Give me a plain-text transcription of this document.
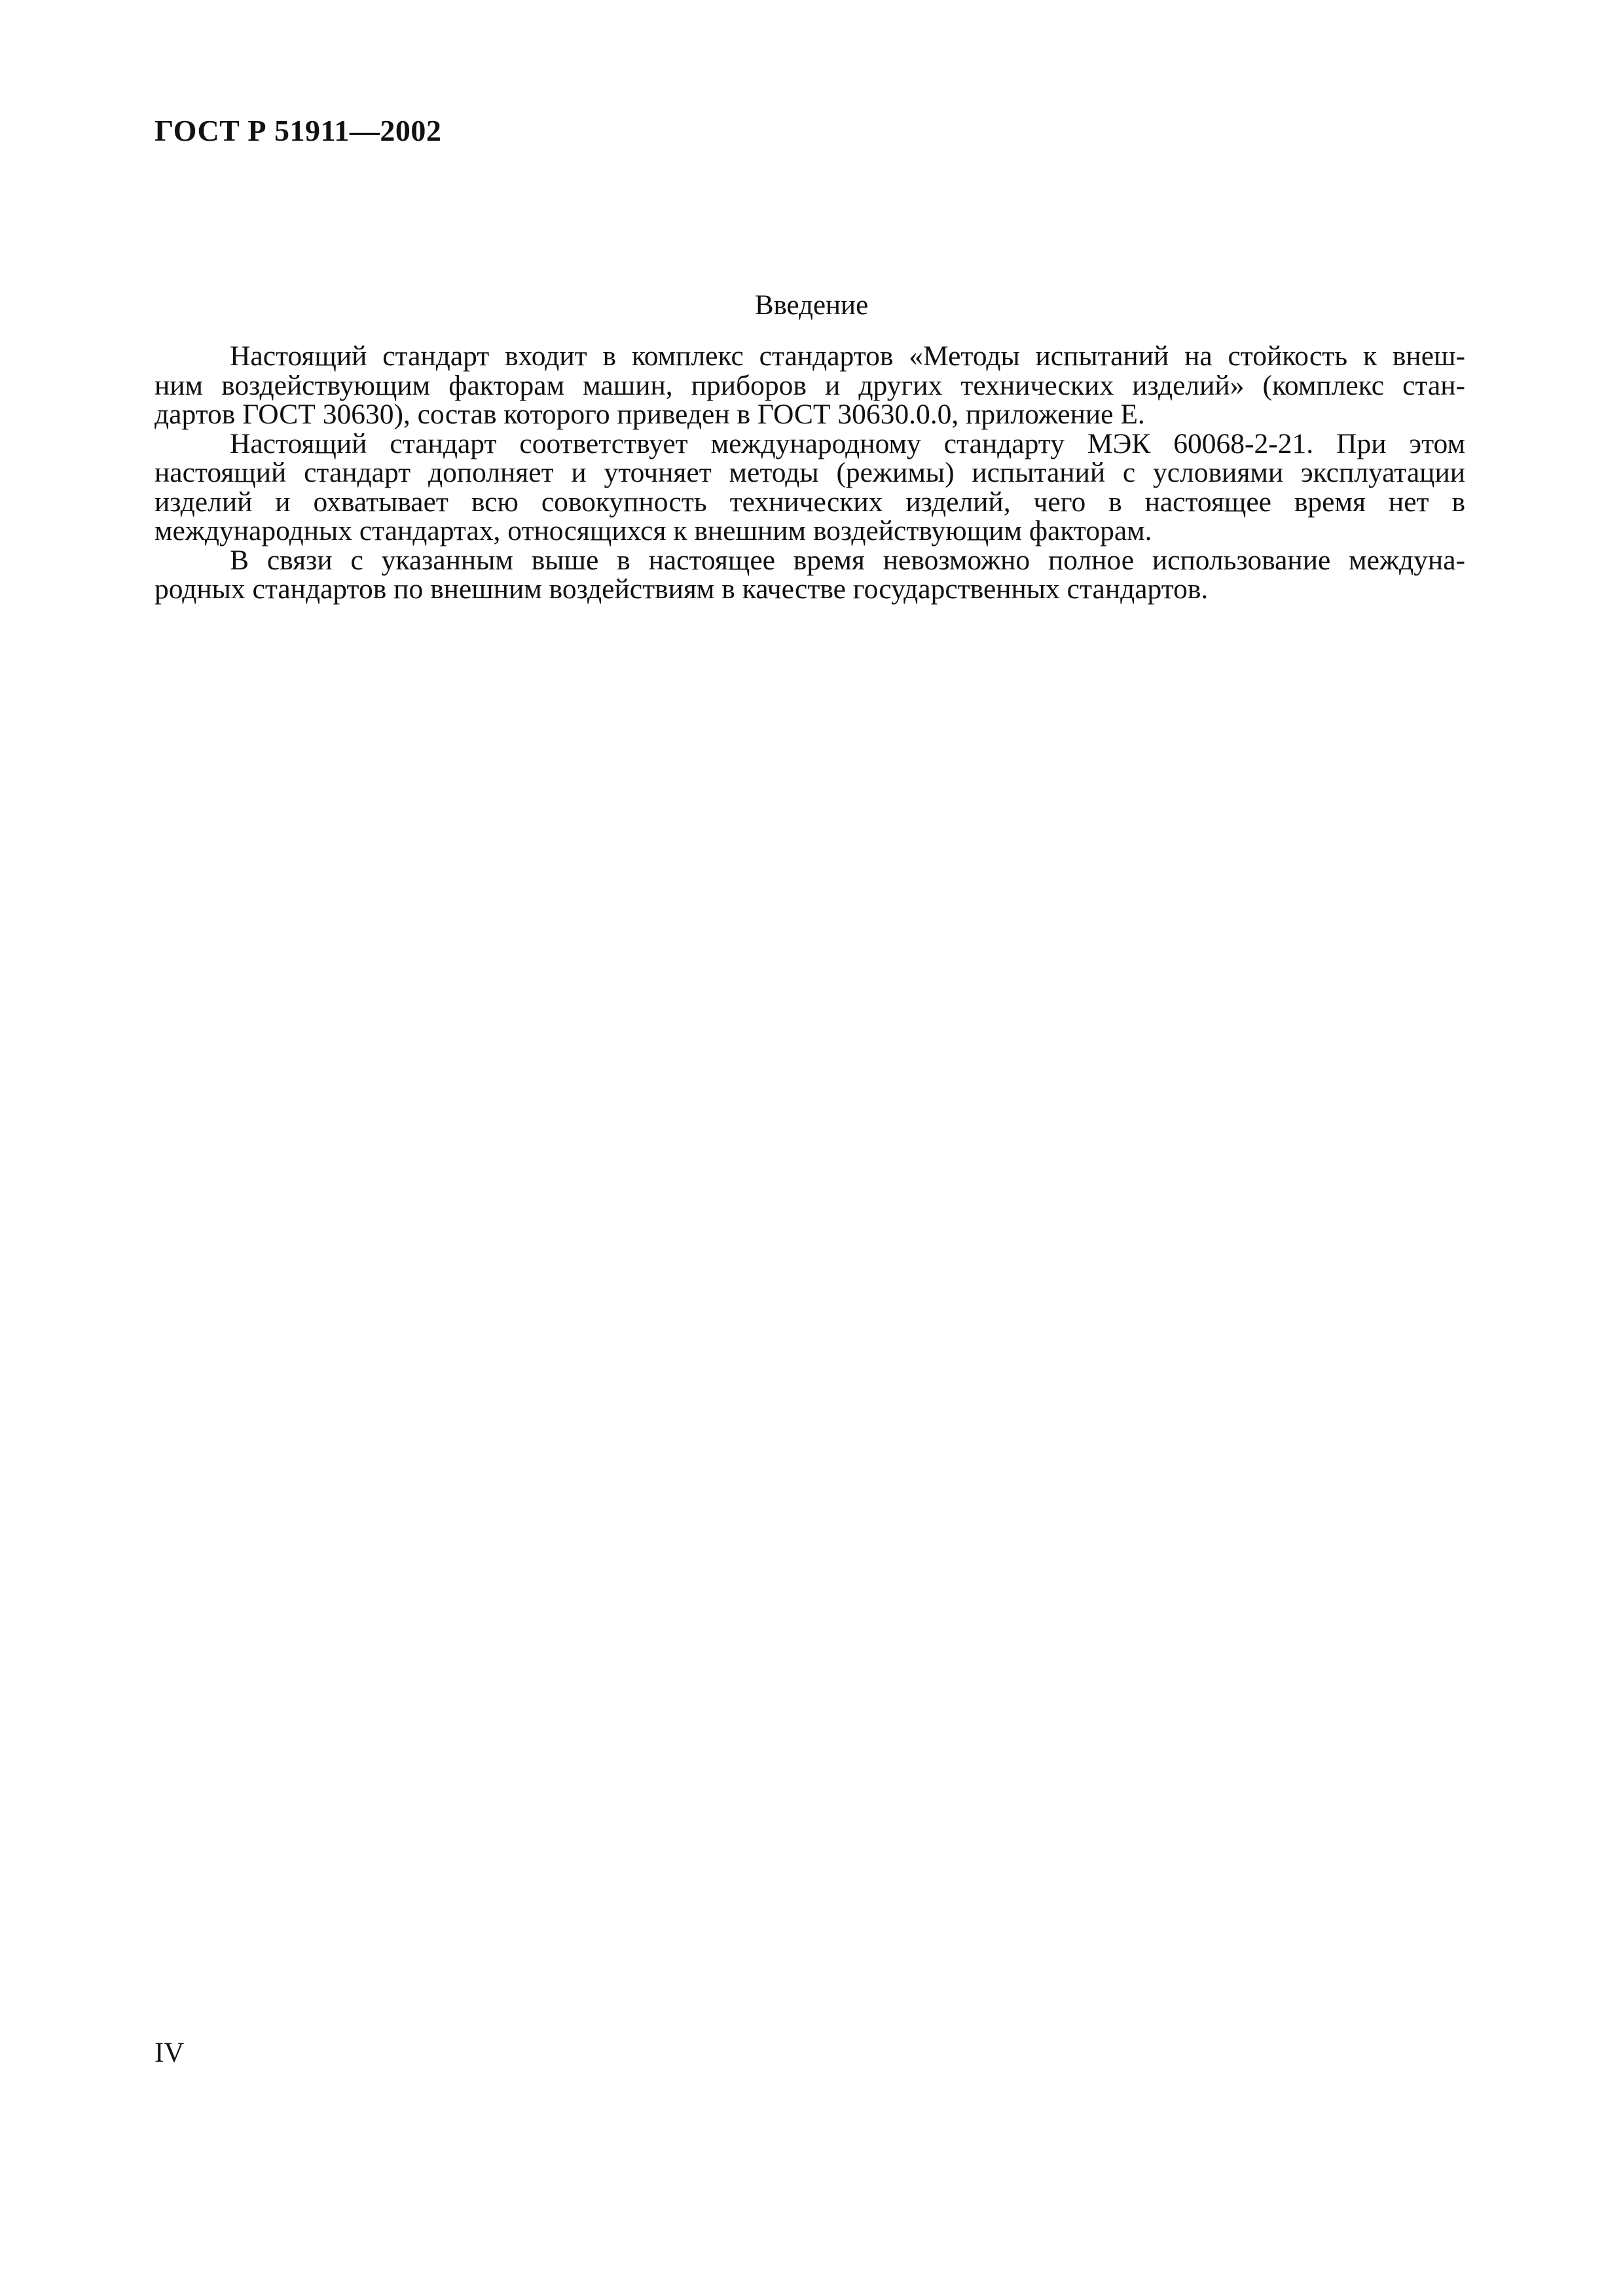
ГОСТ Р 51911—2002
Введение

Настоящий стандарт входит в комплекс стандартов «Методы испытаний на стойкость к внеш-
ним воздействующим факторам машин, приборов и других технических изделий» (комплекс стан-
дартов ГОСТ 30630), состав которого приведен в ГОСТ 30630.0.0, приложение Е.

Настоящий стандарт соответствует международному стандарту МЭК 60068-2-21. При этом
настоящий стандарт дополняет и уточняет методы (режимы) испытаний с условиями эксплуатации
изделий и охватывает всю совокупность технических изделий, чего в настоящее время нет в
международных стандартах, относящихся к внешним воздействующим факторам.

В связи с указанным выше в настоящее время невозможно полное использование междуна-
родных стандартов по внешним воздействиям в качестве государственных стандартов.

IV
